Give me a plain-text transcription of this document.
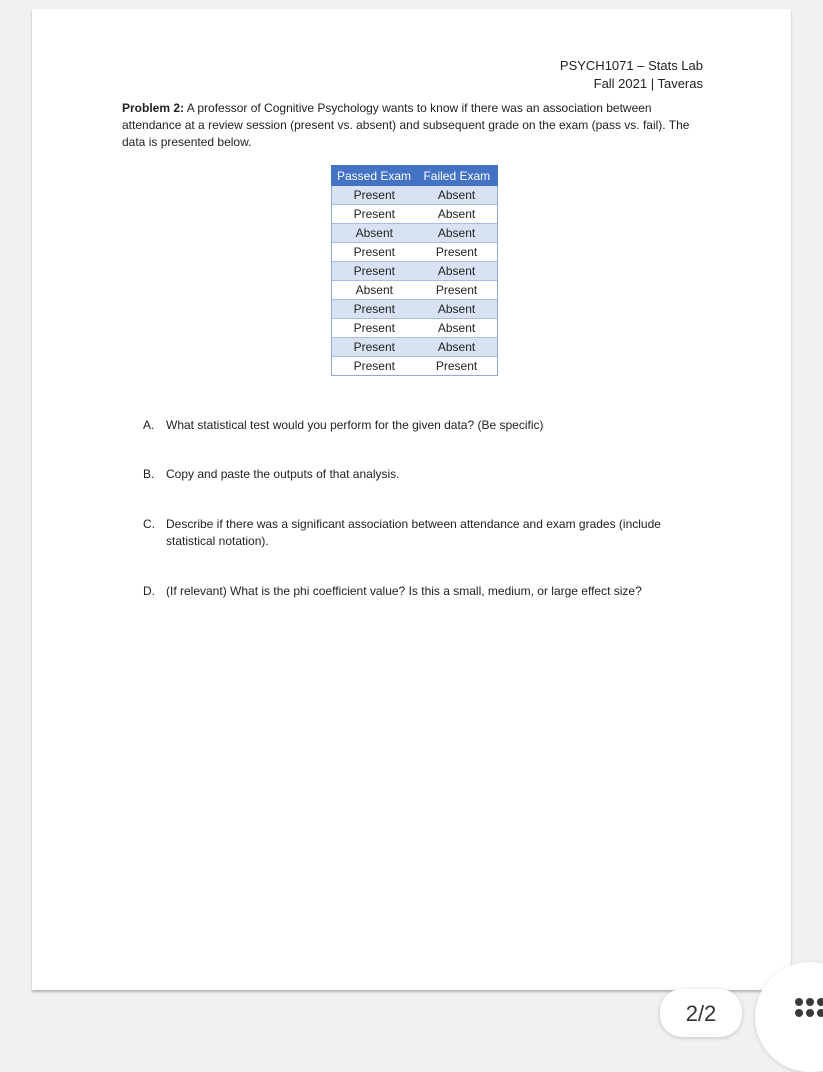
PSYCH1071 – Stats Lab
Fall 2021 | Taveras
Problem 2: A professor of Cognitive Psychology wants to know if there was an association between attendance at a review session (present vs. absent) and subsequent grade on the exam (pass vs. fail). The data is presented below.
Passed Exam	Failed Exam
Present	Absent
Present	Absent
Absent	Absent
Present	Present
Present	Absent
Absent	Present
Present	Absent
Present	Absent
Present	Absent
Present	Present
A. What statistical test would you perform for the given data? (Be specific)
B. Copy and paste the outputs of that analysis.
C. Describe if there was a significant association between attendance and exam grades (include statistical notation).
D. (If relevant) What is the phi coefficient value? Is this a small, medium, or large effect size?
2/2
